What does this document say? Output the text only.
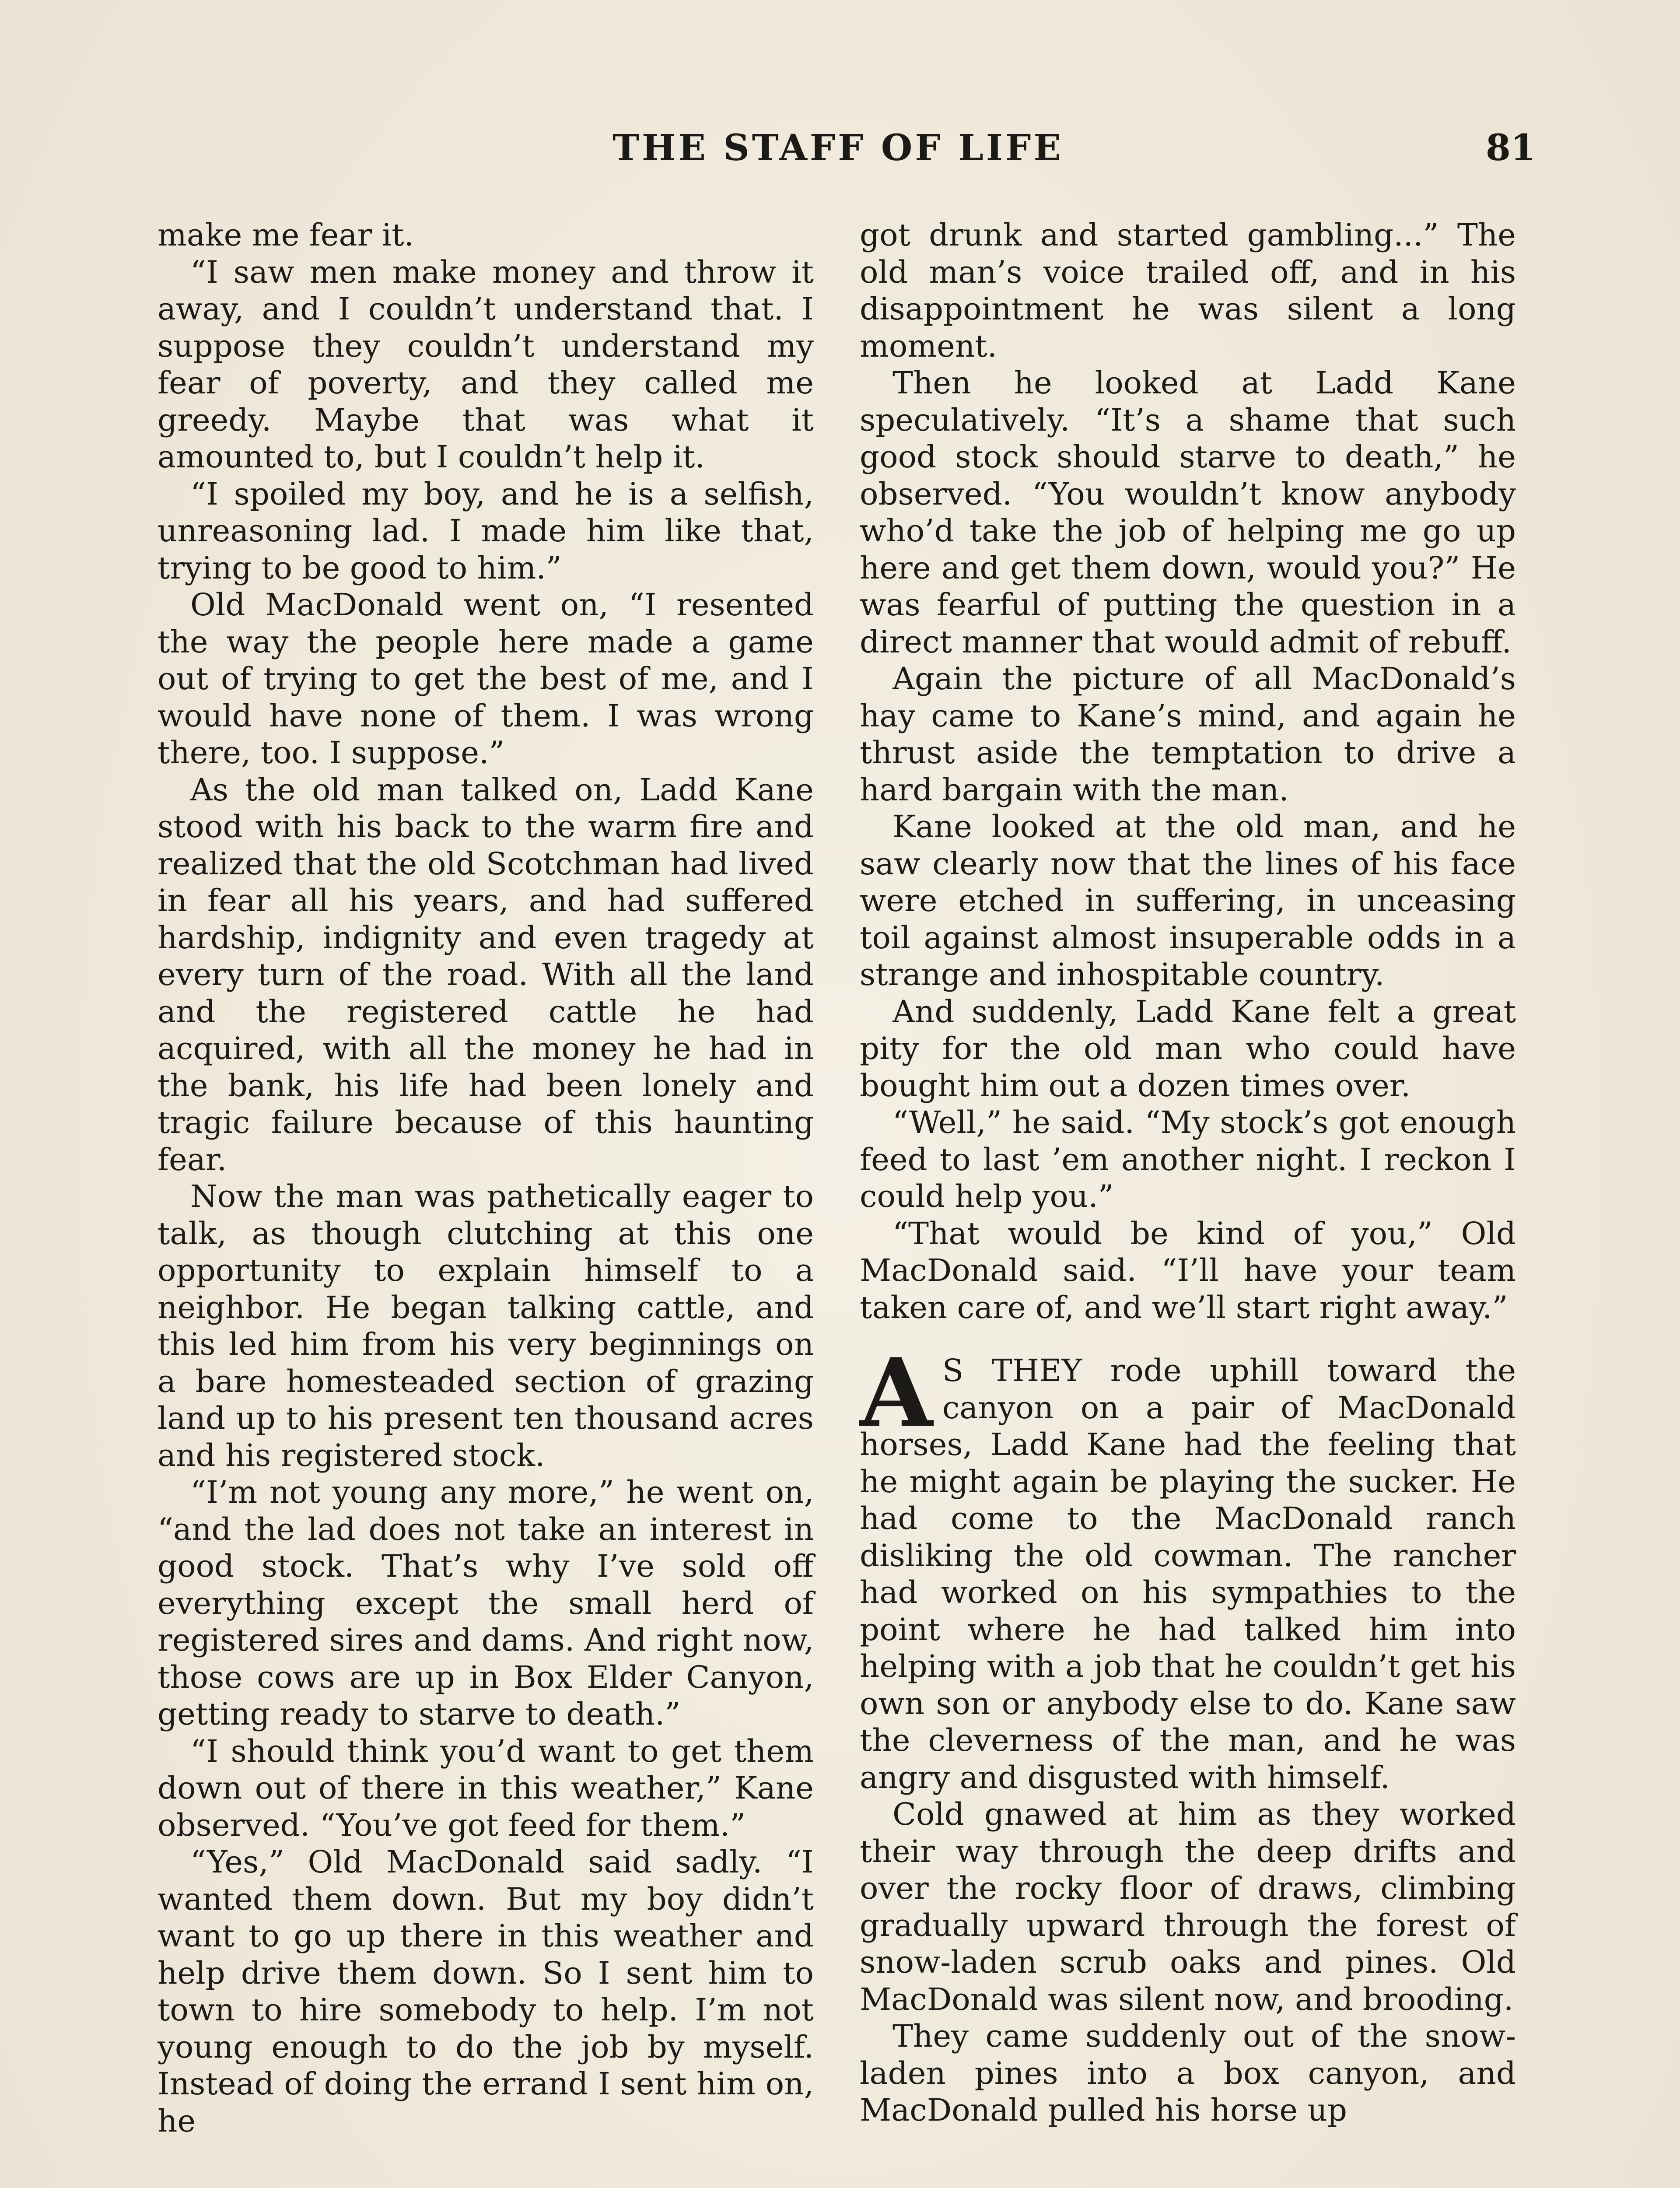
THE STAFF OF LIFE	81

make me fear it.

“I saw men make money and throw it away, and I couldn’t understand that. I suppose they couldn’t understand my fear of poverty, and they called me greedy. Maybe that was what it amounted to, but I couldn’t help it.

“I spoiled my boy, and he is a selfish, unreasoning lad. I made him like that, trying to be good to him.”

Old MacDonald went on, “I resented the way the people here made a game out of trying to get the best of me, and I would have none of them. I was wrong there, too. I suppose.”

As the old man talked on, Ladd Kane stood with his back to the warm fire and realized that the old Scotchman had lived in fear all his years, and had suffered hardship, indignity and even tragedy at every turn of the road. With all the land and the registered cattle he had acquired, with all the money he had in the bank, his life had been lonely and tragic failure because of this haunting fear.

Now the man was pathetically eager to talk, as though clutching at this one opportunity to explain himself to a neighbor. He began talking cattle, and this led him from his very beginnings on a bare homesteaded section of grazing land up to his present ten thousand acres and his registered stock.

“I’m not young any more,” he went on, “and the lad does not take an interest in good stock. That’s why I’ve sold off everything except the small herd of registered sires and dams. And right now, those cows are up in Box Elder Canyon, getting ready to starve to death.”

“I should think you’d want to get them down out of there in this weather,” Kane observed. “You’ve got feed for them.”

“Yes,” Old MacDonald said sadly. “I wanted them down. But my boy didn’t want to go up there in this weather and help drive them down. So I sent him to town to hire somebody to help. I’m not young enough to do the job by myself. Instead of doing the errand I sent him on, he

got drunk and started gambling...” The old man’s voice trailed off, and in his disappointment he was silent a long moment.

Then he looked at Ladd Kane speculatively. “It’s a shame that such good stock should starve to death,” he observed. “You wouldn’t know anybody who’d take the job of helping me go up here and get them down, would you?” He was fearful of putting the question in a direct manner that would admit of rebuff.

Again the picture of all MacDonald’s hay came to Kane’s mind, and again he thrust aside the temptation to drive a hard bargain with the man.

Kane looked at the old man, and he saw clearly now that the lines of his face were etched in suffering, in unceasing toil against almost insuperable odds in a strange and inhospitable country.

And suddenly, Ladd Kane felt a great pity for the old man who could have bought him out a dozen times over.

“Well,” he said. “My stock’s got enough feed to last ’em another night. I reckon I could help you.”

“That would be kind of you,” Old MacDonald said. “I’ll have your team taken care of, and we’ll start right away.”

A S THEY rode uphill toward the canyon on a pair of MacDonald horses, Ladd Kane had the feeling that he might again be playing the sucker. He had come to the MacDonald ranch disliking the old cowman. The rancher had worked on his sympathies to the point where he had talked him into helping with a job that he couldn’t get his own son or anybody else to do. Kane saw the cleverness of the man, and he was angry and disgusted with himself.

Cold gnawed at him as they worked their way through the deep drifts and over the rocky floor of draws, climbing gradually upward through the forest of snow-laden scrub oaks and pines. Old MacDonald was silent now, and brooding.

They came suddenly out of the snow-laden pines into a box canyon, and MacDonald pulled his horse up
